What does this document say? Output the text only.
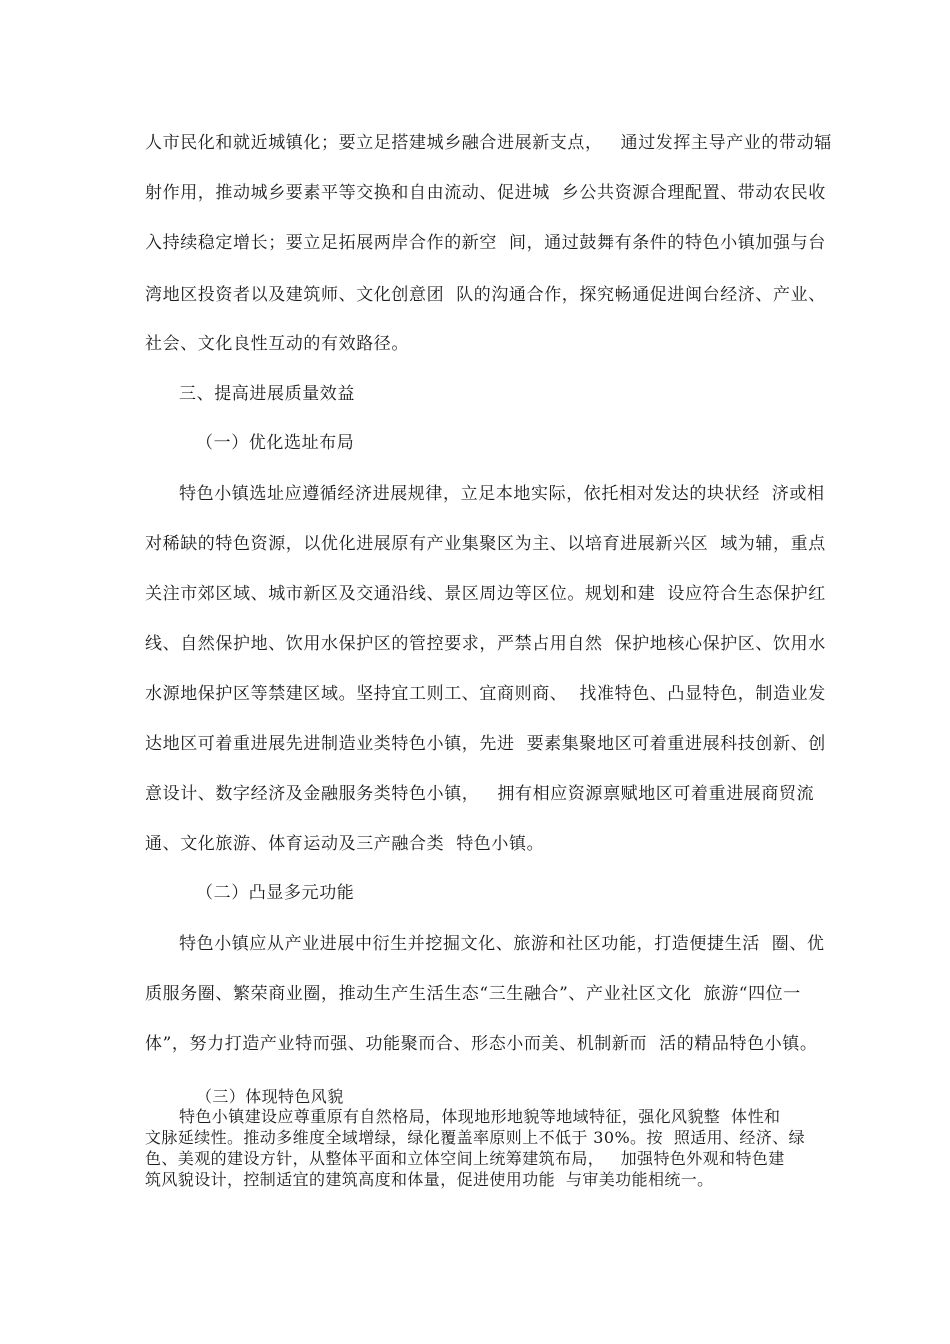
人市民化和就近城镇化；要立足搭建城乡融合进展新支点，   通过发挥主导产业的带动辐
射作用，推动城乡要素平等交换和自由流动、促进城  乡公共资源合理配置、带动农民收
入持续稳定增长；要立足拓展两岸合作的新空  间，通过鼓舞有条件的特色小镇加强与台
湾地区投资者以及建筑师、文化创意团  队的沟通合作，探究畅通促进闽台经济、产业、
社会、文化良性互动的有效路径。
三、提高进展质量效益
（一）优化选址布局
特色小镇选址应遵循经济进展规律，立足本地实际，依托相对发达的块状经  济或相
对稀缺的特色资源，以优化进展原有产业集聚区为主、以培育进展新兴区  域为辅，重点
关注市郊区域、城市新区及交通沿线、景区周边等区位。规划和建  设应符合生态保护红
线、自然保护地、饮用水保护区的管控要求，严禁占用自然  保护地核心保护区、饮用水
水源地保护区等禁建区域。坚持宜工则工、宜商则商、  找准特色、凸显特色，制造业发
达地区可着重进展先进制造业类特色小镇，先进  要素集聚地区可着重进展科技创新、创
意设计、数字经济及金融服务类特色小镇，   拥有相应资源禀赋地区可着重进展商贸流
通、文化旅游、体育运动及三产融合类  特色小镇。
（二）凸显多元功能
特色小镇应从产业进展中衍生并挖掘文化、旅游和社区功能，打造便捷生活  圈、优
质服务圈、繁荣商业圈，推动生产生活生态“三生融合”、产业社区文化  旅游“四位一
体”，努力打造产业特而强、功能聚而合、形态小而美、机制新而  活的精品特色小镇。
（三）体现特色风貌
特色小镇建设应尊重原有自然格局，体现地形地貌等地域特征，强化风貌整  体性和
文脉延续性。推动多维度全域增绿，绿化覆盖率原则上不低于 30%。按  照适用、经济、绿
色、美观的建设方针，从整体平面和立体空间上统筹建筑布局，   加强特色外观和特色建
筑风貌设计，控制适宜的建筑高度和体量，促进使用功能  与审美功能相统一。
